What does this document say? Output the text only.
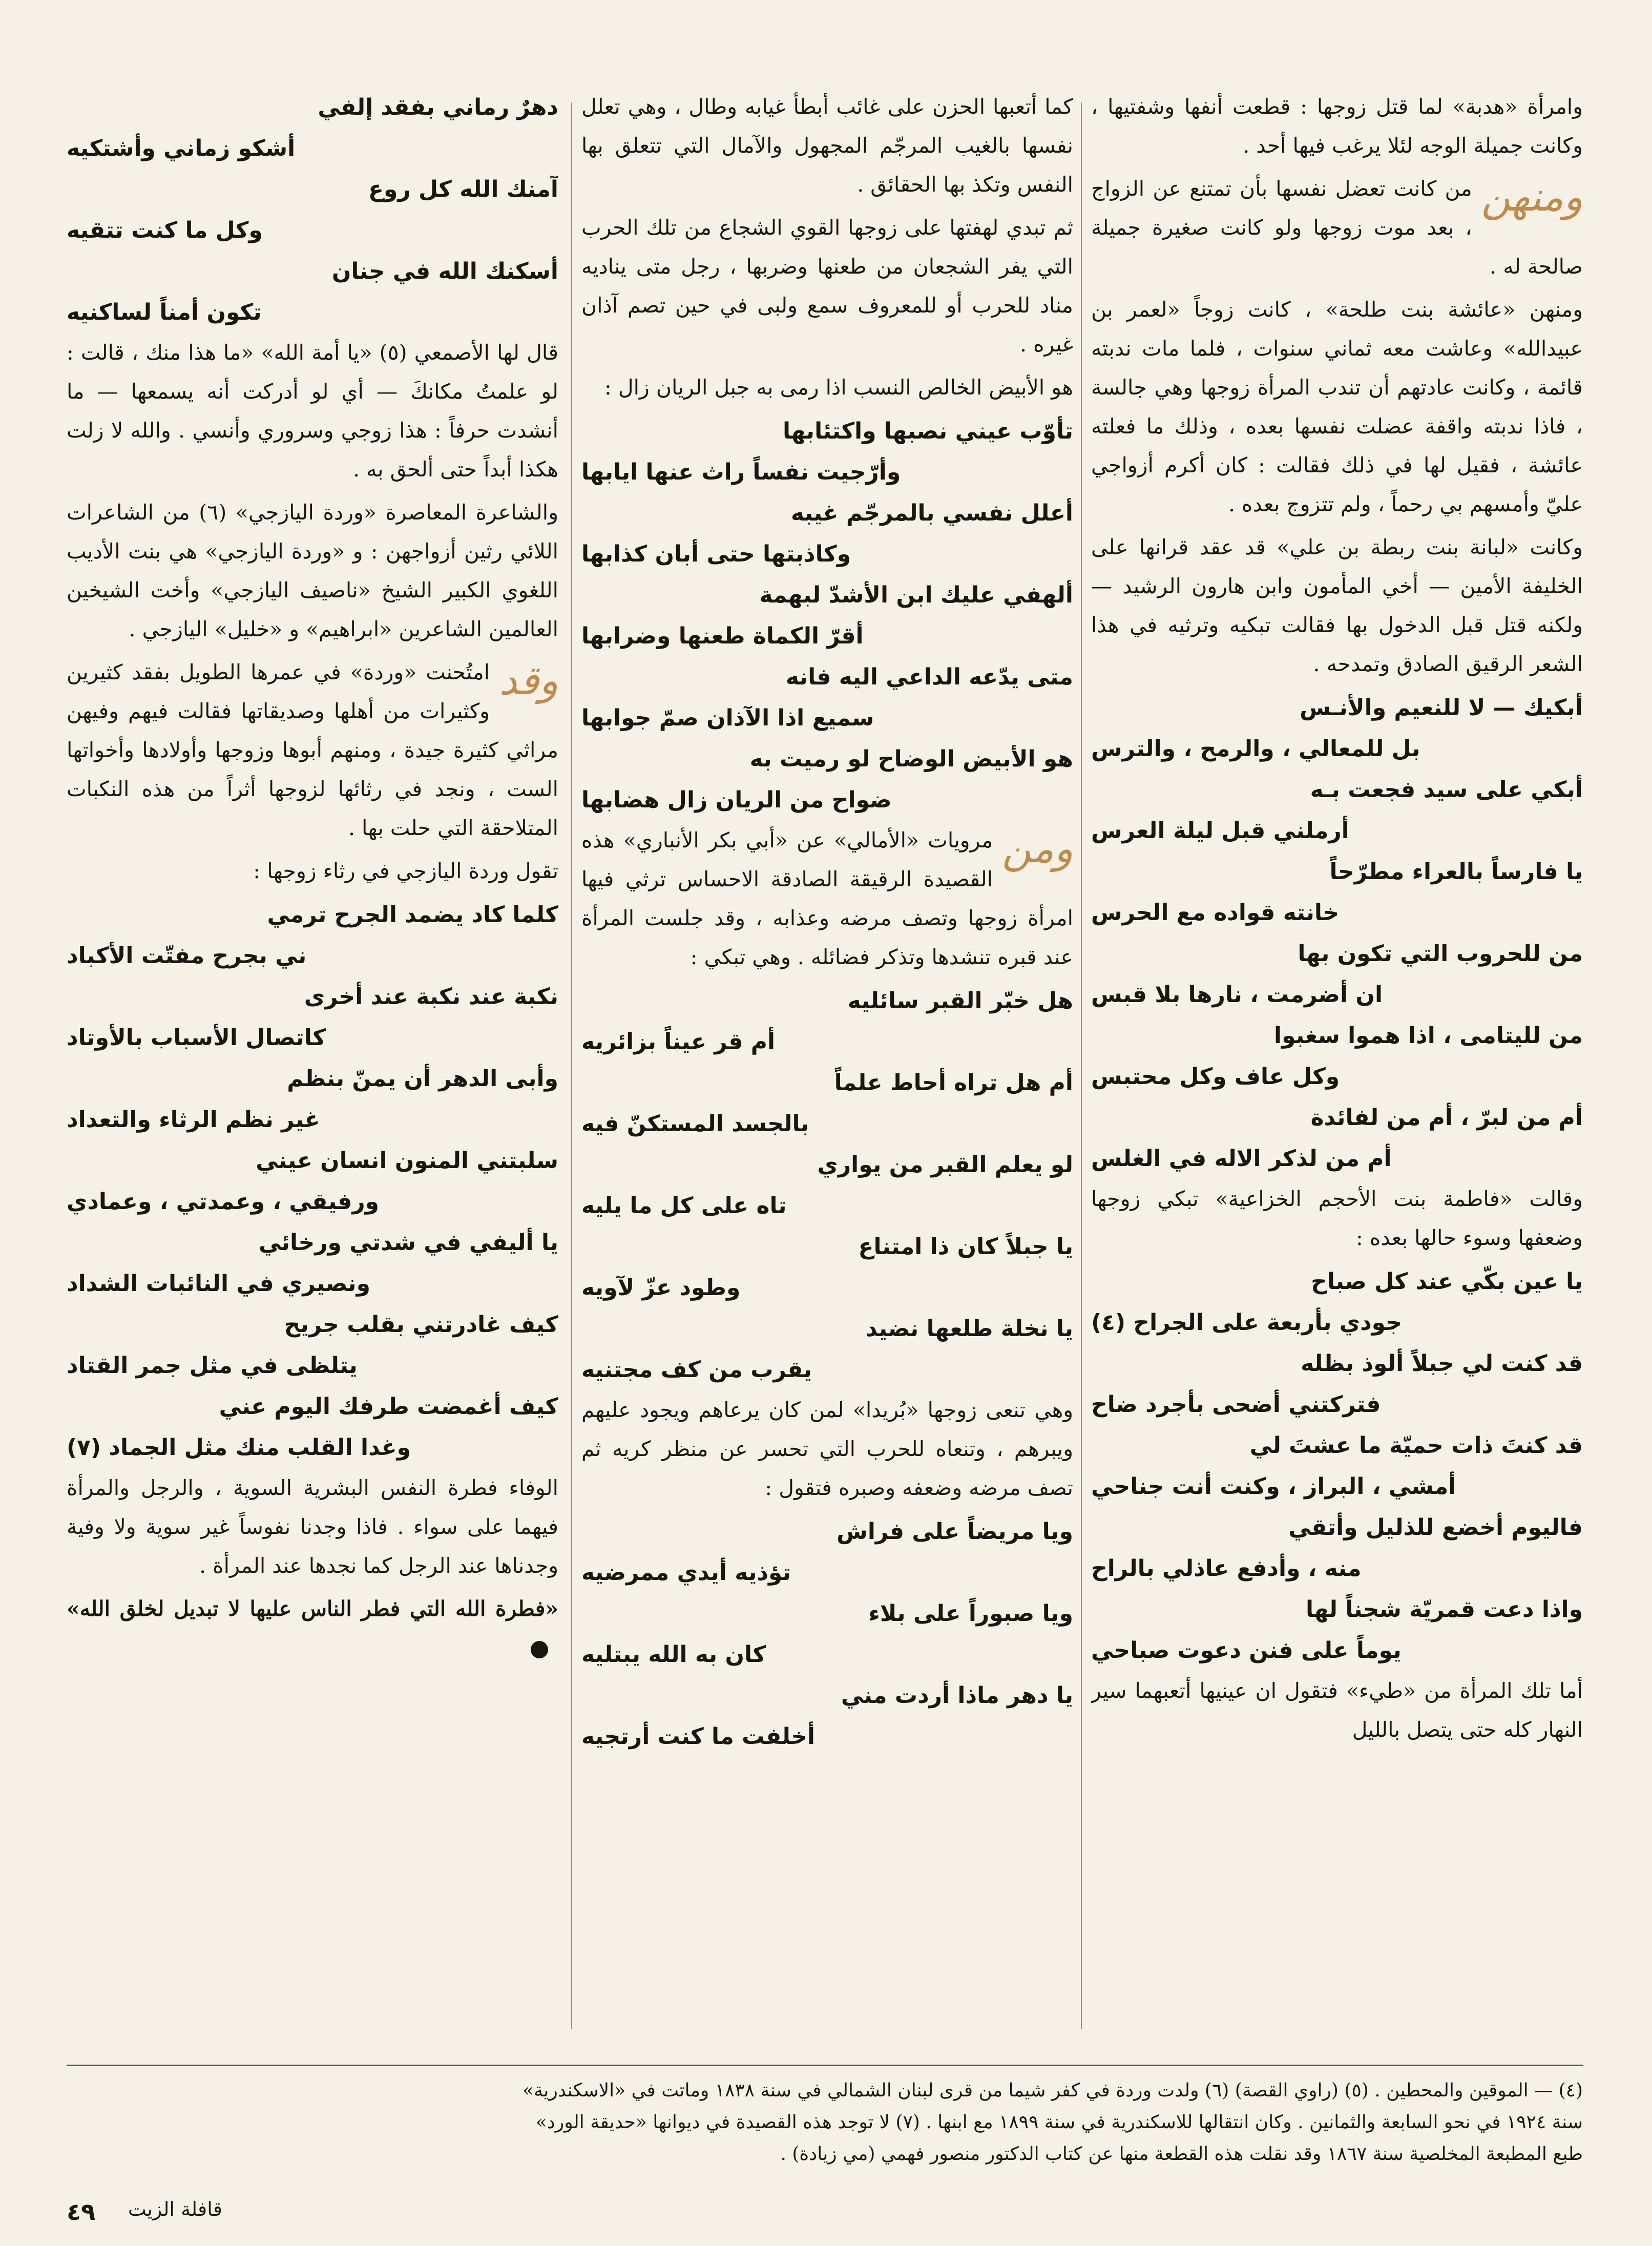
وامرأة «هدبة» لما قتل زوجها : قطعت أنفها وشفتيها ، وكانت جميلة الوجه لئلا يرغب فيها أحد .

ومنهن
من كانت تعضل نفسها بأن تمتنع عن الزواج ، بعد موت زوجها ولو كانت صغيرة جميلة صالحة له .

ومنهن «عائشة بنت طلحة» ، كانت زوجاً «لعمر بن عبيدالله» وعاشت معه ثماني سنوات ، فلما مات ندبته قائمة ، وكانت عادتهم أن تندب المرأة زوجها وهي جالسة ، فاذا ندبته واقفة عضلت نفسها بعده ، وذلك ما فعلته عائشة ، فقيل لها في ذلك فقالت : كان أكرم أزواجي عليّ وأمسهم بي رحماً ، ولم تتزوج بعده .

وكانت «لبانة بنت ربطة بن علي» قد عقد قرانها على الخليفة الأمين — أخي المأمون وابن هارون الرشيد — ولكنه قتل قبل الدخول بها فقالت تبكيه وترثيه في هذا الشعر الرقيق الصادق وتمدحه .

أبكيك — لا للنعيم والأنـس
بل للمعالي ، والرمح ، والترس
أبكي على سيد فجعت بـه
أرملني قبل ليلة العرس
يا فارساً بالعراء مطرّحاً
خانته قواده مع الحرس
من للحروب التي تكون بها
ان أضرمت ، نارها بلا قبس
من لليتامى ، اذا هموا سغبوا
وكل عاف وكل محتبس
أم من لبرّ ، أم من لفائدة
أم من لذكر الاله في الغلس

وقالت «فاطمة بنت الأحجم الخزاعية» تبكي زوجها وضعفها وسوء حالها بعده :

يا عين بكّي عند كل صباح
جودي بأربعة على الجراح (٤)
قد كنت لي جبلاً ألوذ بظله
فتركتني أضحى بأجرد ضاح
قد كنتَ ذات حميّة ما عشتَ لي
أمشي ، البراز ، وكنت أنت جناحي
فاليوم أخضع للذليل وأتقي
منه ، وأدفع عاذلي بالراح
واذا دعت قمريّة شجناً لها
يوماً على فنن دعوت صباحي

أما تلك المرأة من «طيء» فتقول ان عينيها أتعبهما سير النهار كله حتى يتصل بالليل

كما أتعبها الحزن على غائب أبطأ غيابه وطال ، وهي تعلل نفسها بالغيب المرجّم المجهول والآمال التي تتعلق بها النفس وتكذ بها الحقائق .

ثم تبدي لهفتها على زوجها القوي الشجاع من تلك الحرب التي يفر الشجعان من طعنها وضربها ، رجل متى يناديه مناد للحرب أو للمعروف سمع ولبى في حين تصم آذان غيره .

هو الأبيض الخالص النسب اذا رمى به جبل الريان زال :

تأوّب عيني نصبها واكتئابها
وأرّجيت نفساً راث عنها ايابها
أعلل نفسي بالمرجّم غيبه
وكاذبتها حتى أبان كذابها
ألهفي عليك ابن الأشدّ لبهمة
أقرّ الكماة طعنها وضرابها
متى يدّعه الداعي اليه فانه
سميع اذا الآذان صمّ جوابها
هو الأبيض الوضاح لو رميت به
ضواح من الريان زال هضابها

ومن
مرويات «الأمالي» عن «أبي بكر الأنباري» هذه القصيدة الرقيقة الصادقة الاحساس ترثي فيها امرأة زوجها وتصف مرضه وعذابه ، وقد جلست المرأة عند قبره تنشدها وتذكر فضائله . وهي تبكي :

هل خبّر القبر سائليه
أم قر عيناً بزائريه
أم هل تراه أحاط علماً
بالجسد المستكنّ فيه
لو يعلم القبر من يواري
تاه على كل ما يليه
يا جبلاً كان ذا امتناع
وطود عزّ لآويه
يا نخلة طلعها نضيد
يقرب من كف مجتنيه

وهي تنعى زوجها «بُريدا» لمن كان يرعاهم ويجود عليهم ويبرهم ، وتنعاه للحرب التي تحسر عن منظر كريه ثم تصف مرضه وضعفه وصبره فتقول :

ويا مريضاً على فراش
تؤذيه أيدي ممرضيه
ويا صبوراً على بلاء
كان به الله يبتليه
يا دهر ماذا أردت مني
أخلفت ما كنت أرتجيه
دهرٌ رماني بفقد إلفي
أشكو زماني وأشتكيه
آمنك الله كل روع
وكل ما كنت تتقيه
أسكنك الله في جنان
تكون أمناً لساكنيه

قال لها الأصمعي (٥) «يا أمة الله» «ما هذا منك ، قالت : لو علمتُ مكانكَ — أي لو أدركت أنه يسمعها — ما أنشدت حرفاً : هذا زوجي وسروري وأنسي . والله لا زلت هكذا أبداً حتى ألحق به .

والشاعرة المعاصرة «وردة اليازجي» (٦) من الشاعرات اللائي رثين أزواجهن : و «وردة اليازجي» هي بنت الأديب اللغوي الكبير الشيخ «ناصيف اليازجي» وأخت الشيخين العالمين الشاعرين «ابراهيم» و «خليل» اليازجي .

وقد
امتُحنت «وردة» في عمرها الطويل بفقد كثيرين وكثيرات من أهلها وصديقاتها فقالت فيهم وفيهن مراثي كثيرة جيدة ، ومنهم أبوها وزوجها وأولادها وأخواتها الست ، ونجد في رثائها لزوجها أثراً من هذه النكبات المتلاحقة التي حلت بها .

تقول وردة اليازجي في رثاء زوجها :

كلما كاد يضمد الجرح ترمي
ني بجرح مفتّت الأكباد
نكبة عند نكبة عند أخرى
كاتصال الأسباب بالأوتاد
وأبى الدهر أن يمنّ بنظم
غير نظم الرثاء والتعداد
سلبتني المنون انسان عيني
ورفيقي ، وعمدتي ، وعمادي
يا أليفي في شدتي ورخائي
ونصيري في النائبات الشداد
كيف غادرتني بقلب جريح
يتلظى في مثل جمر القتاد
كيف أغمضت طرفك اليوم عني
وغدا القلب منك مثل الجماد (٧)

الوفاء فطرة النفس البشرية السوية ، والرجل والمرأة فيهما على سواء . فاذا وجدنا نفوساً غير سوية ولا وفية وجدناها عند الرجل كما نجدها عند المرأة .

«فطرة الله التي فطر الناس عليها لا تبديل لخلق الله»

(٤) — الموقين والمحطين . (٥) (راوي القصة) (٦) ولدت وردة في كفر شيما من قرى لبنان الشمالي في سنة ١٨٣٨ وماتت في «الاسكندرية»
سنة ١٩٢٤ في نحو السابعة والثمانين . وكان انتقالها للاسكندرية في سنة ١٨٩٩ مع ابنها . (٧) لا توجد هذه القصيدة في ديوانها «حديقة الورد»
طبع المطبعة المخلصية سنة ١٨٦٧ وقد نقلت هذه القطعة منها عن كتاب الدكتور منصور فهمي (مي زيادة) .
٤٩ قافلة الزيت
